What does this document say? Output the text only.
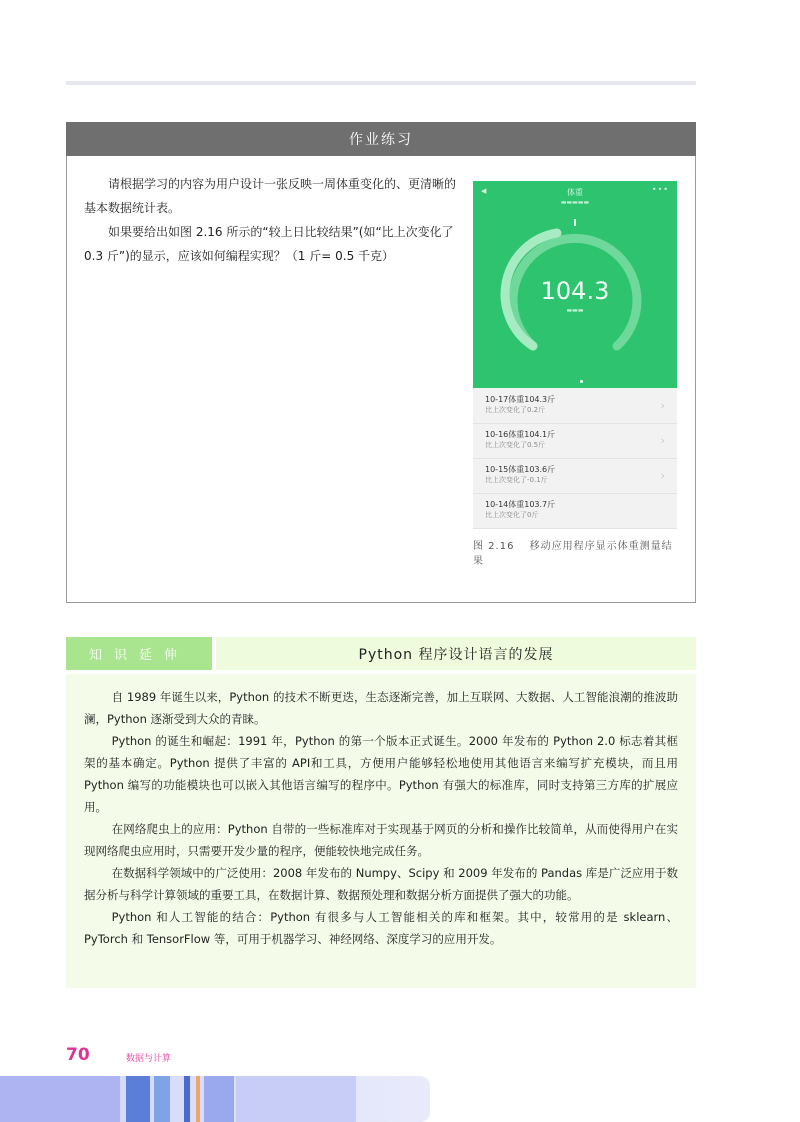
作业练习

请根据学习的内容为用户设计一张反映一周体重变化的、更清晰的基本数据统计表。

如果要给出如图 2.16 所示的“较上日比较结果”(如“比上次变化了 0.3 斤”)的显示，应该如何编程实现？（1 斤= 0.5 千克）

◀	•••
体重
▬▬▬▬▬
104.3
▬▬▬
10-17体重104.3斤
比上次变化了0.2斤	›
10-16体重104.1斤
比上次变化了0.5斤	›
10-15体重103.6斤
比上次变化了-0.1斤	›
10-14体重103.7斤
比上次变化了0斤
图 2.16　 移动应用程序显示体重测量结果
知识延伸	Python 程序设计语言的发展

自 1989 年诞生以来，Python 的技术不断更迭，生态逐渐完善，加上互联网、大数据、人工智能浪潮的推波助澜，Python 逐渐受到大众的青睐。

Python 的诞生和崛起：1991 年，Python 的第一个版本正式诞生。2000 年发布的 Python 2.0 标志着其框架的基本确定。Python 提供了丰富的 API和工具，方便用户能够轻松地使用其他语言来编写扩充模块，而且用 Python 编写的功能模块也可以嵌入其他语言编写的程序中。Python 有强大的标准库，同时支持第三方库的扩展应用。

在网络爬虫上的应用：Python 自带的一些标准库对于实现基于网页的分析和操作比较简单，从而使得用户在实现网络爬虫应用时，只需要开发少量的程序，便能较快地完成任务。

在数据科学领域中的广泛使用：2008 年发布的 Numpy、Scipy 和 2009 年发布的 Pandas 库是广泛应用于数据分析与科学计算领域的重要工具，在数据计算、数据预处理和数据分析方面提供了强大的功能。

Python 和人工智能的结合：Python 有很多与人工智能相关的库和框架。其中，较常用的是 sklearn、PyTorch 和 TensorFlow 等，可用于机器学习、神经网络、深度学习的应用开发。

70	数据与计算
